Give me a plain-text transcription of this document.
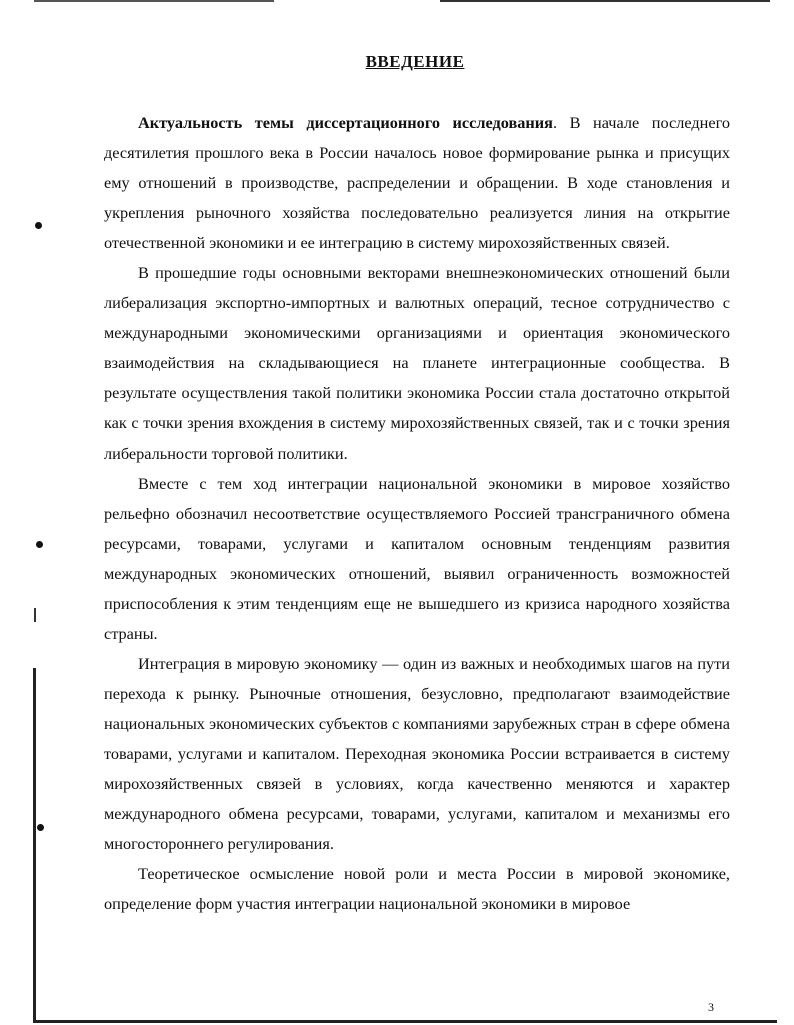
ВВЕДЕНИЕ

Актуальность темы диссертационного исследования. В начале последнего десятилетия прошлого века в России началось новое формирование рынка и присущих ему отношений в производстве, распределении и обращении. В ходе становления и укрепления рыночного хозяйства последовательно реализуется линия на открытие отечественной экономики и ее интеграцию в систему мирохозяйственных связей.

В прошедшие годы основными векторами внешнеэкономических отношений были либерализация экспортно-импортных и валютных операций, тесное сотрудничество с международными экономическими организациями и ориентация экономического взаимодействия на складывающиеся на планете интеграционные сообщества. В результате осуществления такой политики экономика России стала достаточно открытой как с точки зрения вхождения в систему мирохозяйственных связей, так и с точки зрения либеральности торговой политики.

Вместе с тем ход интеграции национальной экономики в мировое хозяйство рельефно обозначил несоответствие осуществляемого Россией трансграничного обмена ресурсами, товарами, услугами и капиталом основным тенденциям развития международных экономических отношений, выявил ограниченность возможностей приспособления к этим тенденциям еще не вышедшего из кризиса народного хозяйства страны.

Интеграция в мировую экономику — один из важных и необходимых шагов на пути перехода к рынку. Рыночные отношения, безусловно, предполагают взаимодействие национальных экономических субъектов с компаниями зарубежных стран в сфере обмена товарами, услугами и капиталом. Переходная экономика России встраивается в систему мирохозяйственных связей в условиях, когда качественно меняются и характер международного обмена ресурсами, товарами, услугами, капиталом и механизмы его многостороннего регулирования.

Теоретическое осмысление новой роли и места России в мировой экономике, определение форм участия интеграции национальной экономики в мировое

3
